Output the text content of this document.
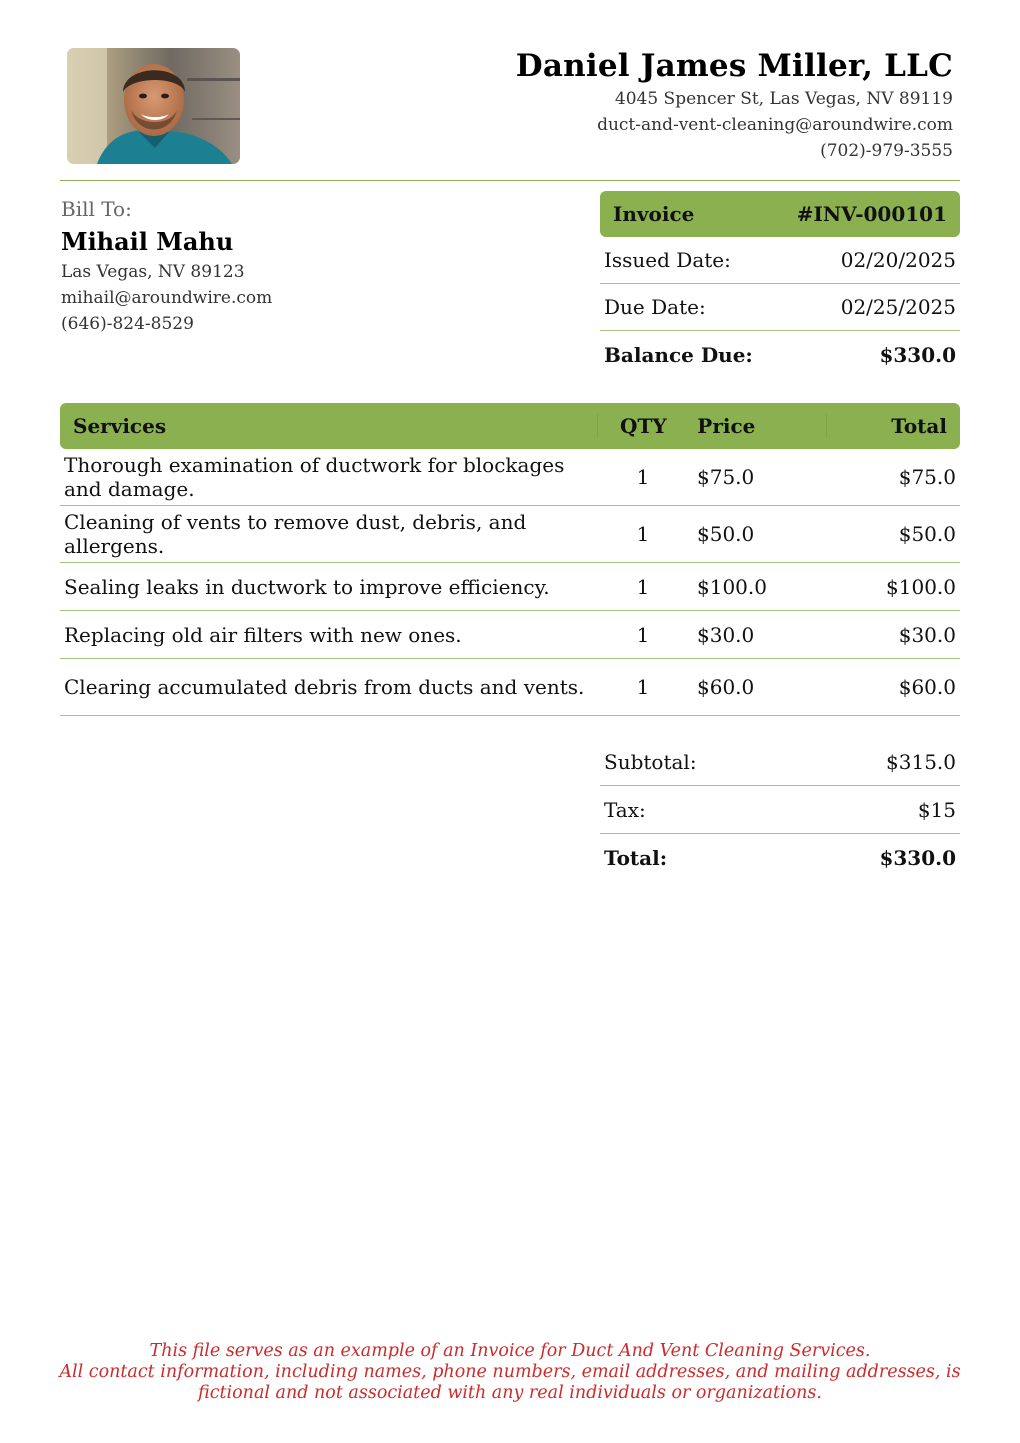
Daniel James Miller, LLC
4045 Spencer St, Las Vegas, NV 89119
duct-and-vent-cleaning@aroundwire.com
(702)-979-3555
Bill To:
Mihail Mahu
Las Vegas, NV 89123
mihail@aroundwire.com
(646)-824-8529
Invoice	#INV-000101
Issued Date:	02/20/2025
Due Date:	02/25/2025
Balance Due:	$330.0
Services	QTY	Price	Total
Thorough examination of ductwork for blockages and damage.	1	$75.0	$75.0
Cleaning of vents to remove dust, debris, and allergens.	1	$50.0	$50.0
Sealing leaks in ductwork to improve efficiency.	1	$100.0	$100.0
Replacing old air filters with new ones.	1	$30.0	$30.0
Clearing accumulated debris from ducts and vents.	1	$60.0	$60.0
Subtotal:	$315.0
Tax:	$15
Total:	$330.0
This file serves as an example of an Invoice for Duct And Vent Cleaning Services.
All contact information, including names, phone numbers, email addresses, and mailing addresses, is
fictional and not associated with any real individuals or organizations.
